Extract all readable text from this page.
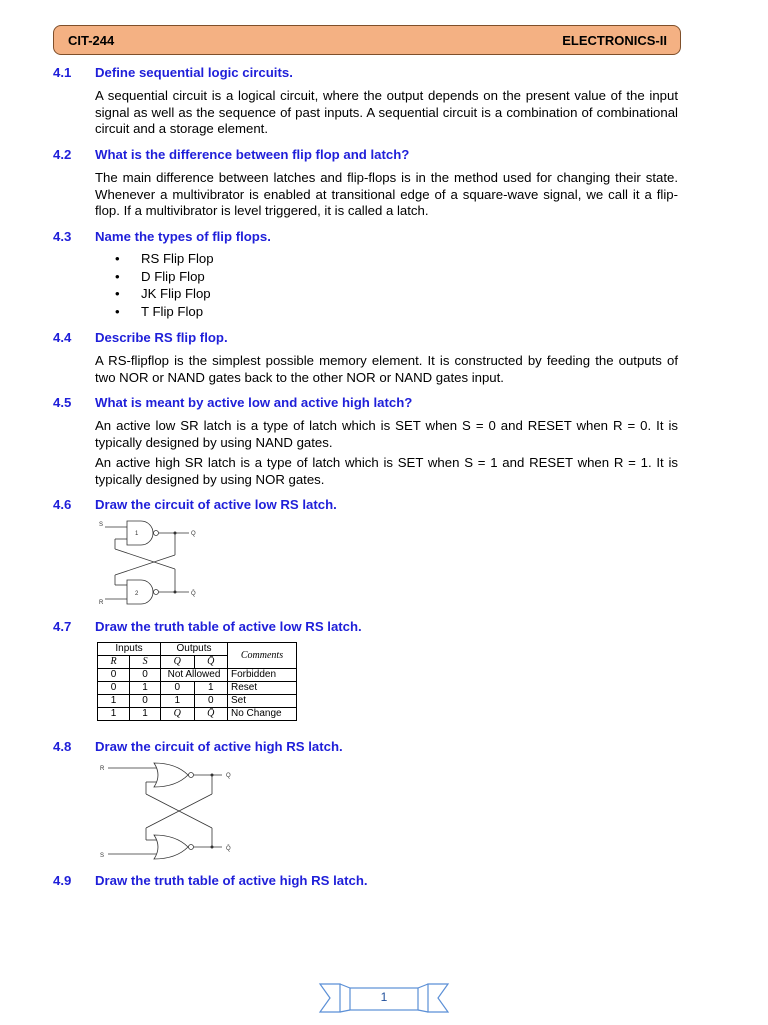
CIT-244	ELECTRONICS-II
4.1 Define sequential logic circuits.
A sequential circuit is a logical circuit, where the output depends on the present value of the input signal as well as the sequence of past inputs. A sequential circuit is a combination of combinational circuit and a storage element.
4.2 What is the difference between flip flop and latch?
The main difference between latches and flip-flops is in the method used for changing their state. Whenever a multivibrator is enabled at transitional edge of a square-wave signal, we call it a flip-flop. If a multivibrator is level triggered, it is called a latch.
4.3 Name the types of flip flops.
• RS Flip Flop
• D Flip Flop
• JK Flip Flop
• T Flip Flop
4.4 Describe RS flip flop.
A RS-flipflop is the simplest possible memory element. It is constructed by feeding the outputs of two NOR or NAND gates back to the other NOR or NAND gates input.
4.5 What is meant by active low and active high latch?
An active low SR latch is a type of latch which is SET when S = 0 and RESET when R = 0. It is typically designed by using NAND gates.
An active high SR latch is a type of latch which is SET when S = 1 and RESET when R = 1. It is typically designed by using NOR gates.
4.6 Draw the circuit of active low RS latch.
S
R
Q
Q̄
1
2
4.7 Draw the truth table of active low RS latch.
Inputs		Outputs		Comments
R	S	Q	Q̄	
0	0	Not Allowed		Forbidden
0	1	0	1	Reset
1	0	1	0	Set
1	1	Q	Q̄	No Change
4.8 Draw the circuit of active high RS latch.
R
S
Q
Q̄
4.9 Draw the truth table of active high RS latch.
1
